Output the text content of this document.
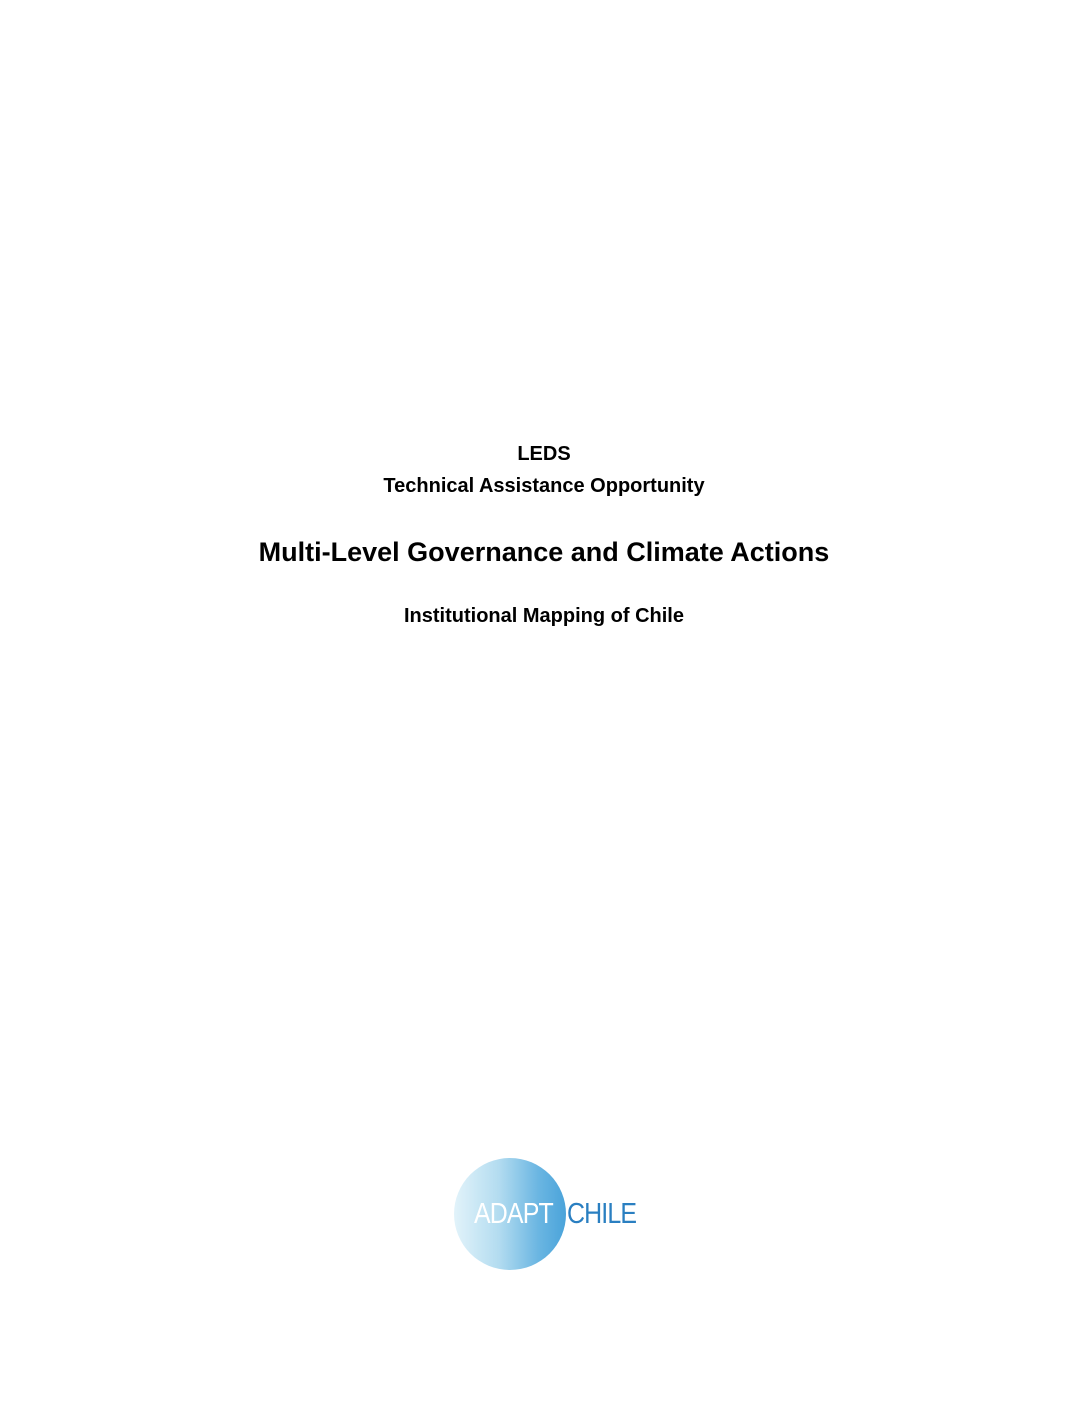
LEDS
Technical Assistance Opportunity
Multi-Level Governance and Climate Actions
Institutional Mapping of Chile
ADAPT CHILE
